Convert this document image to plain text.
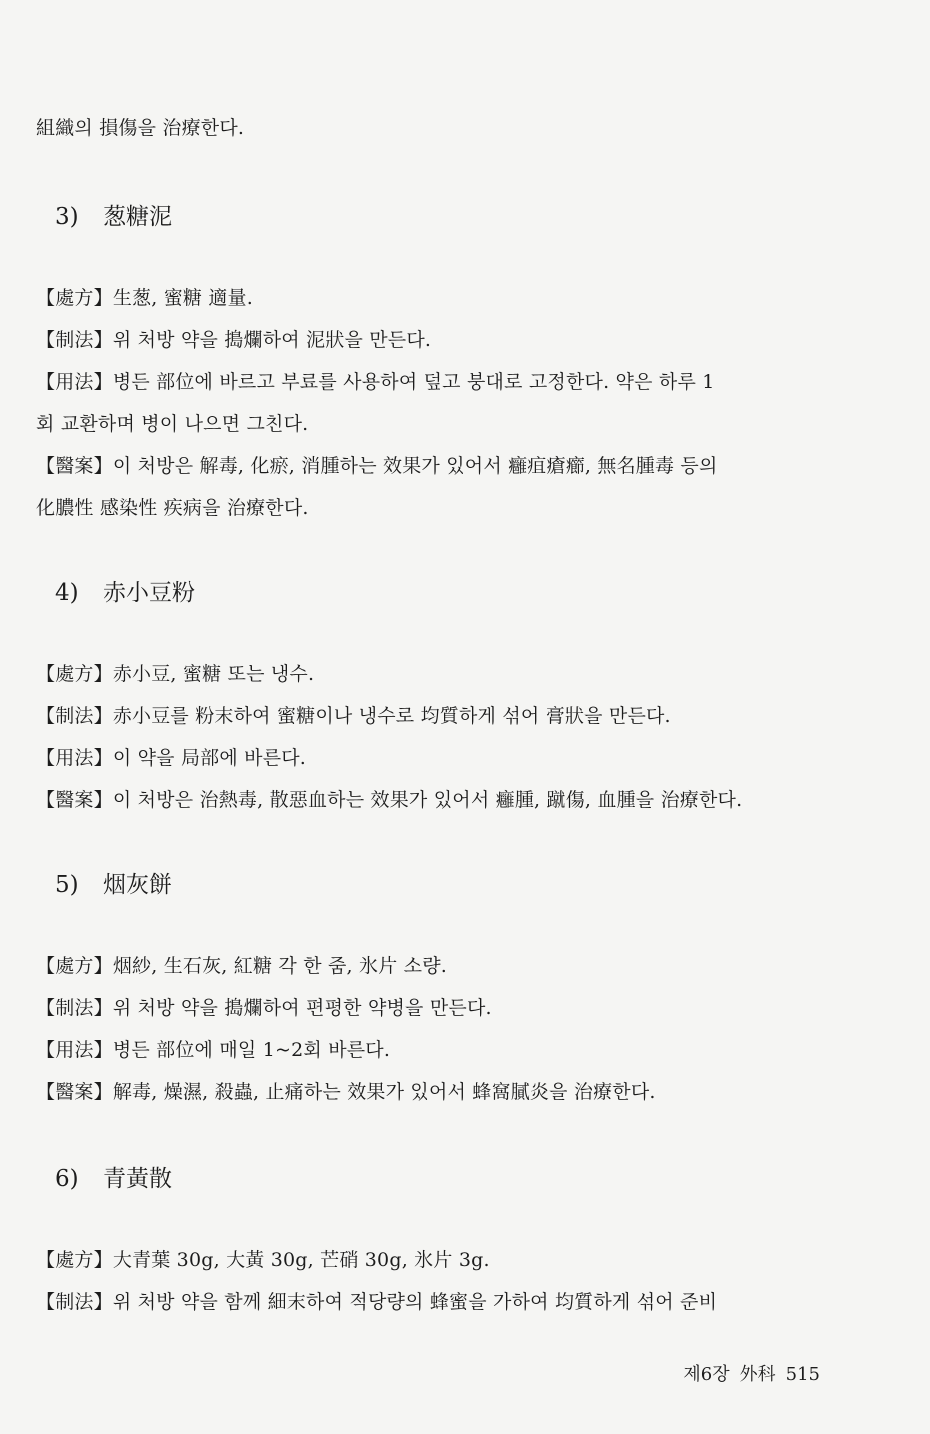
組織의 損傷을 治療한다.
3) 葱糖泥
【處方】生葱, 蜜糖 適量.
【制法】위 처방 약을 搗爛하여 泥狀을 만든다.
【用法】병든 部位에 바르고 부료를 사용하여 덮고 붕대로 고정한다. 약은 하루 1
회 교환하며 병이 나으면 그친다.
【醫案】이 처방은 解毒, 化瘀, 消腫하는 效果가 있어서 癰疽瘡癤, 無名腫毒 등의
化膿性 感染性 疾病을 治療한다.
4) 赤小豆粉
【處方】赤小豆, 蜜糖 또는 냉수.
【制法】赤小豆를 粉末하여 蜜糖이나 냉수로 均質하게 섞어 膏狀을 만든다.
【用法】이 약을 局部에 바른다.
【醫案】이 처방은 治熱毒, 散惡血하는 效果가 있어서 癰腫, 蹴傷, 血腫을 治療한다.
5) 烟灰餅
【處方】烟紗, 生石灰, 紅糖 각 한 줌, 氷片 소량.
【制法】위 처방 약을 搗爛하여 편평한 약병을 만든다.
【用法】병든 部位에 매일 1~2회 바른다.
【醫案】解毒, 燥濕, 殺蟲, 止痛하는 效果가 있어서 蜂窩膩炎을 治療한다.
6) 青黃散
【處方】大青葉 30g, 大黃 30g, 芒硝 30g, 氷片 3g.
【制法】위 처방 약을 함께 細末하여 적당량의 蜂蜜을 가하여 均質하게 섞어 준비
제6장 外科 515
